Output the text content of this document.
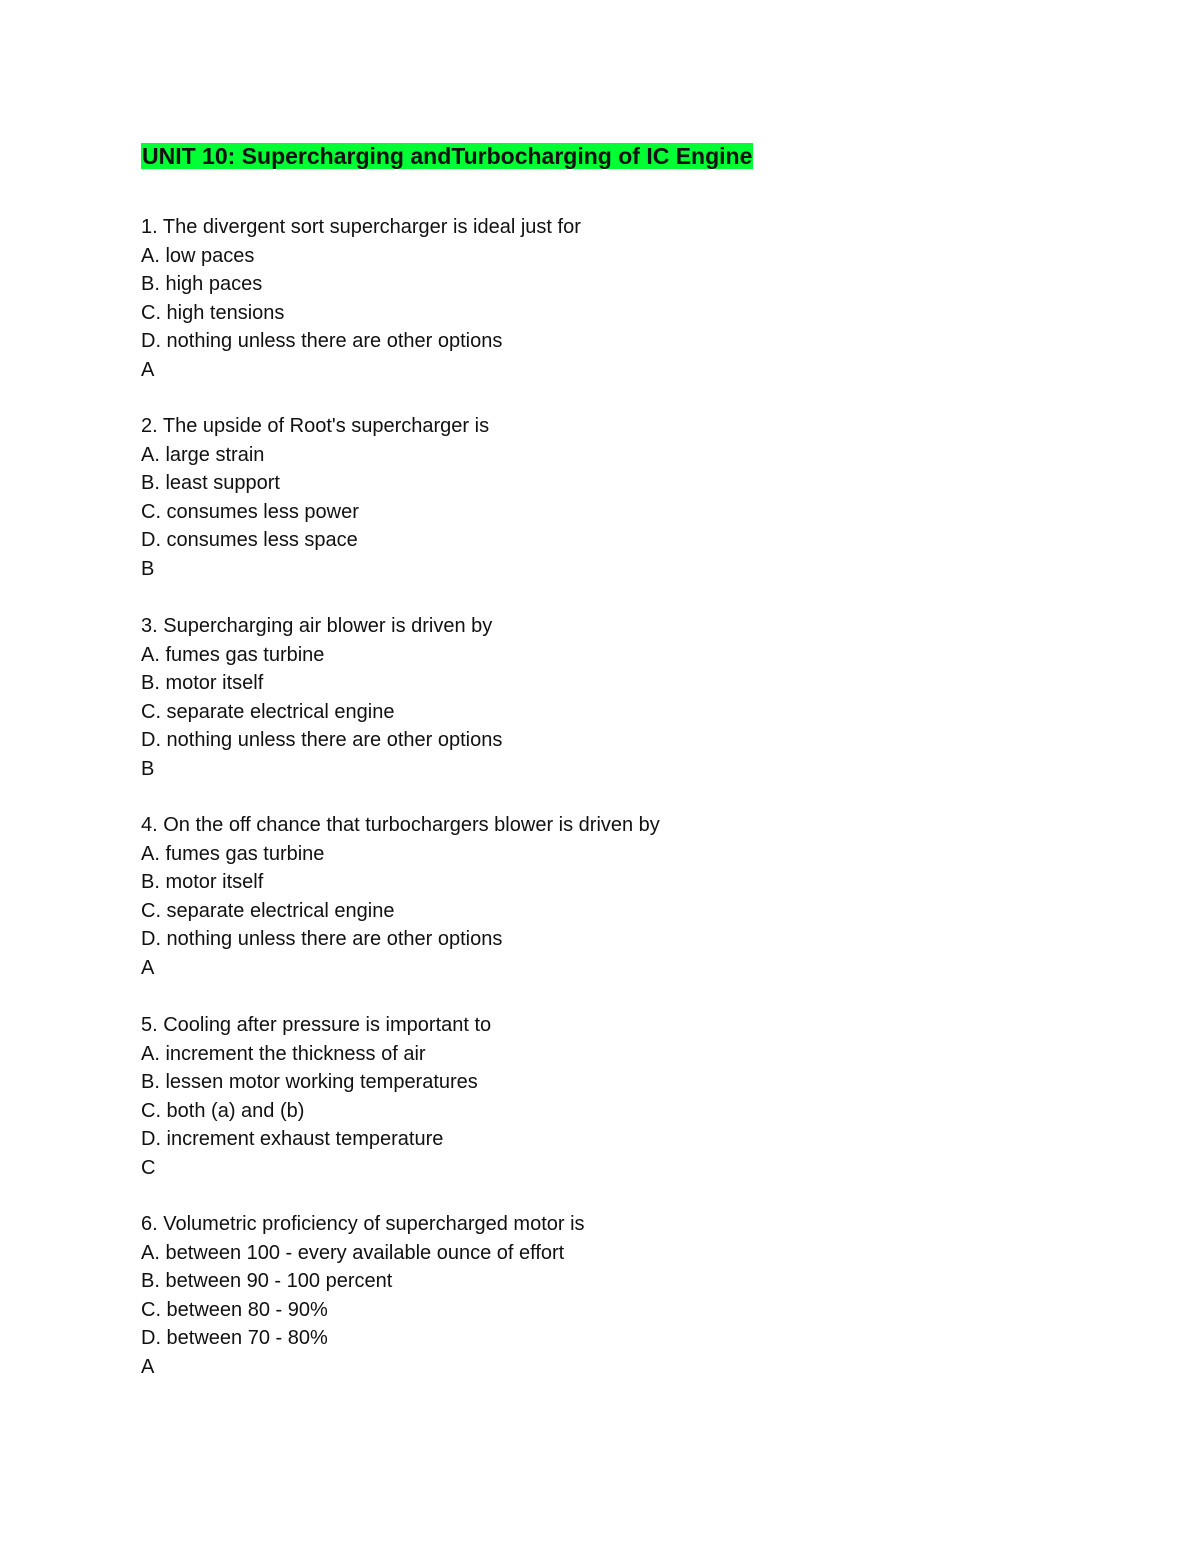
UNIT 10: Supercharging andTurbocharging of IC Engine
1. The divergent sort supercharger is ideal just for
A. low paces
B. high paces
C. high tensions
D. nothing unless there are other options
A
2. The upside of Root's supercharger is
A. large strain
B. least support
C. consumes less power
D. consumes less space
B
3. Supercharging air blower is driven by
A. fumes gas turbine
B. motor itself
C. separate electrical engine
D. nothing unless there are other options
B
4. On the off chance that turbochargers blower is driven by
A. fumes gas turbine
B. motor itself
C. separate electrical engine
D. nothing unless there are other options
A
5. Cooling after pressure is important to
A. increment the thickness of air
B. lessen motor working temperatures
C. both (a) and (b)
D. increment exhaust temperature
C
6. Volumetric proficiency of supercharged motor is
A. between 100 - every available ounce of effort
B. between 90 - 100 percent
C. between 80 - 90%
D. between 70 - 80%
A
